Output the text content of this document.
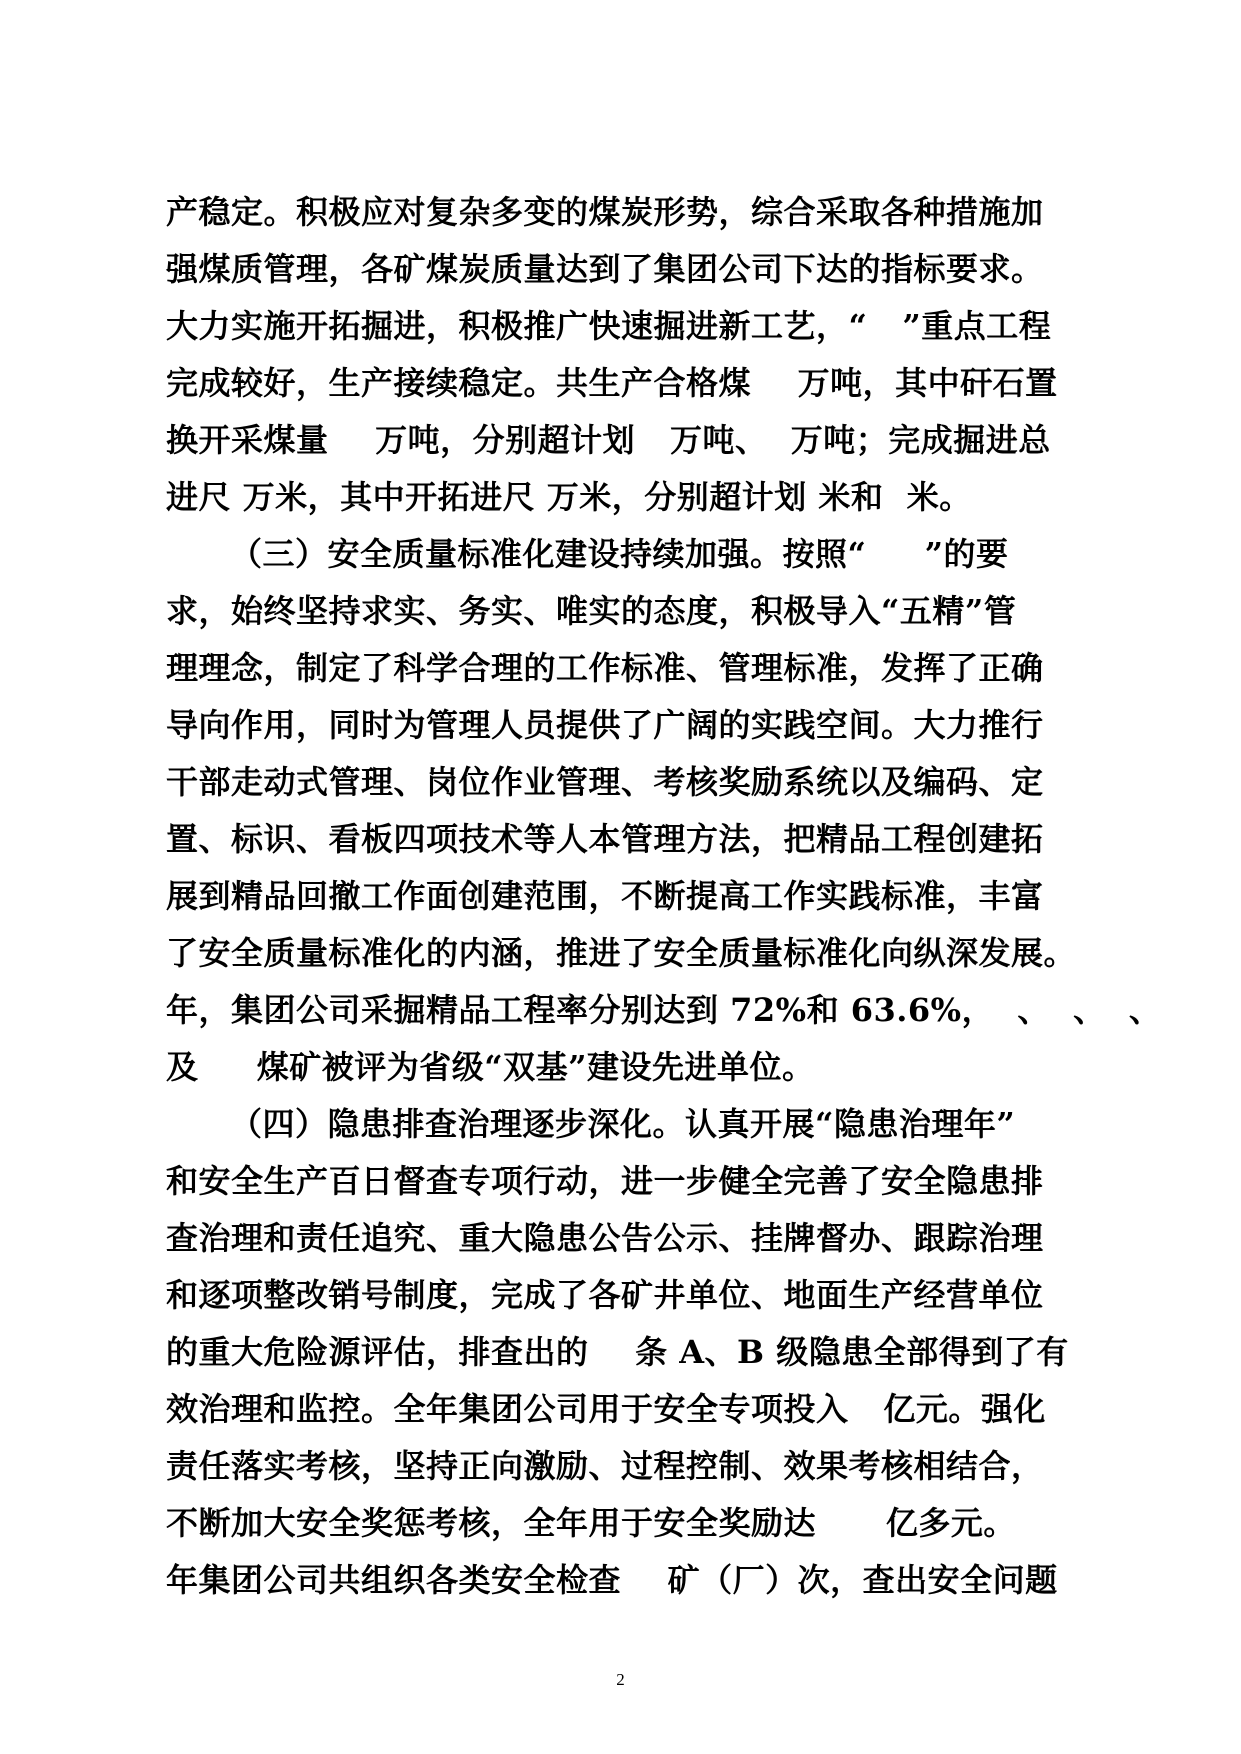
产稳定。积极应对复杂多变的煤炭形势，综合采取各种措施加
强煤质管理，各矿煤炭质量达到了集团公司下达的指标要求。
大力实施开拓掘进，积极推广快速掘进新工艺，“   ”重点工程
完成较好，生产接续稳定。共生产合格煤    万吨，其中矸石置
换开采煤量    万吨，分别超计划   万吨、  万吨；完成掘进总
进尺 万米，其中开拓进尺 万米，分别超计划 米和  米。
（三）安全质量标准化建设持续加强。按照“     ”的要
求，始终坚持求实、务实、唯实的态度，积极导入“五精”管
理理念，制定了科学合理的工作标准、管理标准，发挥了正确
导向作用，同时为管理人员提供了广阔的实践空间。大力推行
干部走动式管理、岗位作业管理、考核奖励系统以及编码、定
置、标识、看板四项技术等人本管理方法，把精品工程创建拓
展到精品回撤工作面创建范围，不断提高工作实践标准，丰富
了安全质量标准化的内涵，推进了安全质量标准化向纵深发展。
年，集团公司采掘精品工程率分别达到 72%和 63.6%，  、  、  、
及     煤矿被评为省级“双基”建设先进单位。
（四）隐患排查治理逐步深化。认真开展“隐患治理年”
和安全生产百日督查专项行动，进一步健全完善了安全隐患排
查治理和责任追究、重大隐患公告公示、挂牌督办、跟踪治理
和逐项整改销号制度，完成了各矿井单位、地面生产经营单位
的重大危险源评估，排查出的    条 A、B 级隐患全部得到了有
效治理和监控。全年集团公司用于安全专项投入   亿元。强化
责任落实考核，坚持正向激励、过程控制、效果考核相结合，
不断加大安全奖惩考核，全年用于安全奖励达      亿多元。
年集团公司共组织各类安全检查    矿（厂）次，查出安全问题
2
